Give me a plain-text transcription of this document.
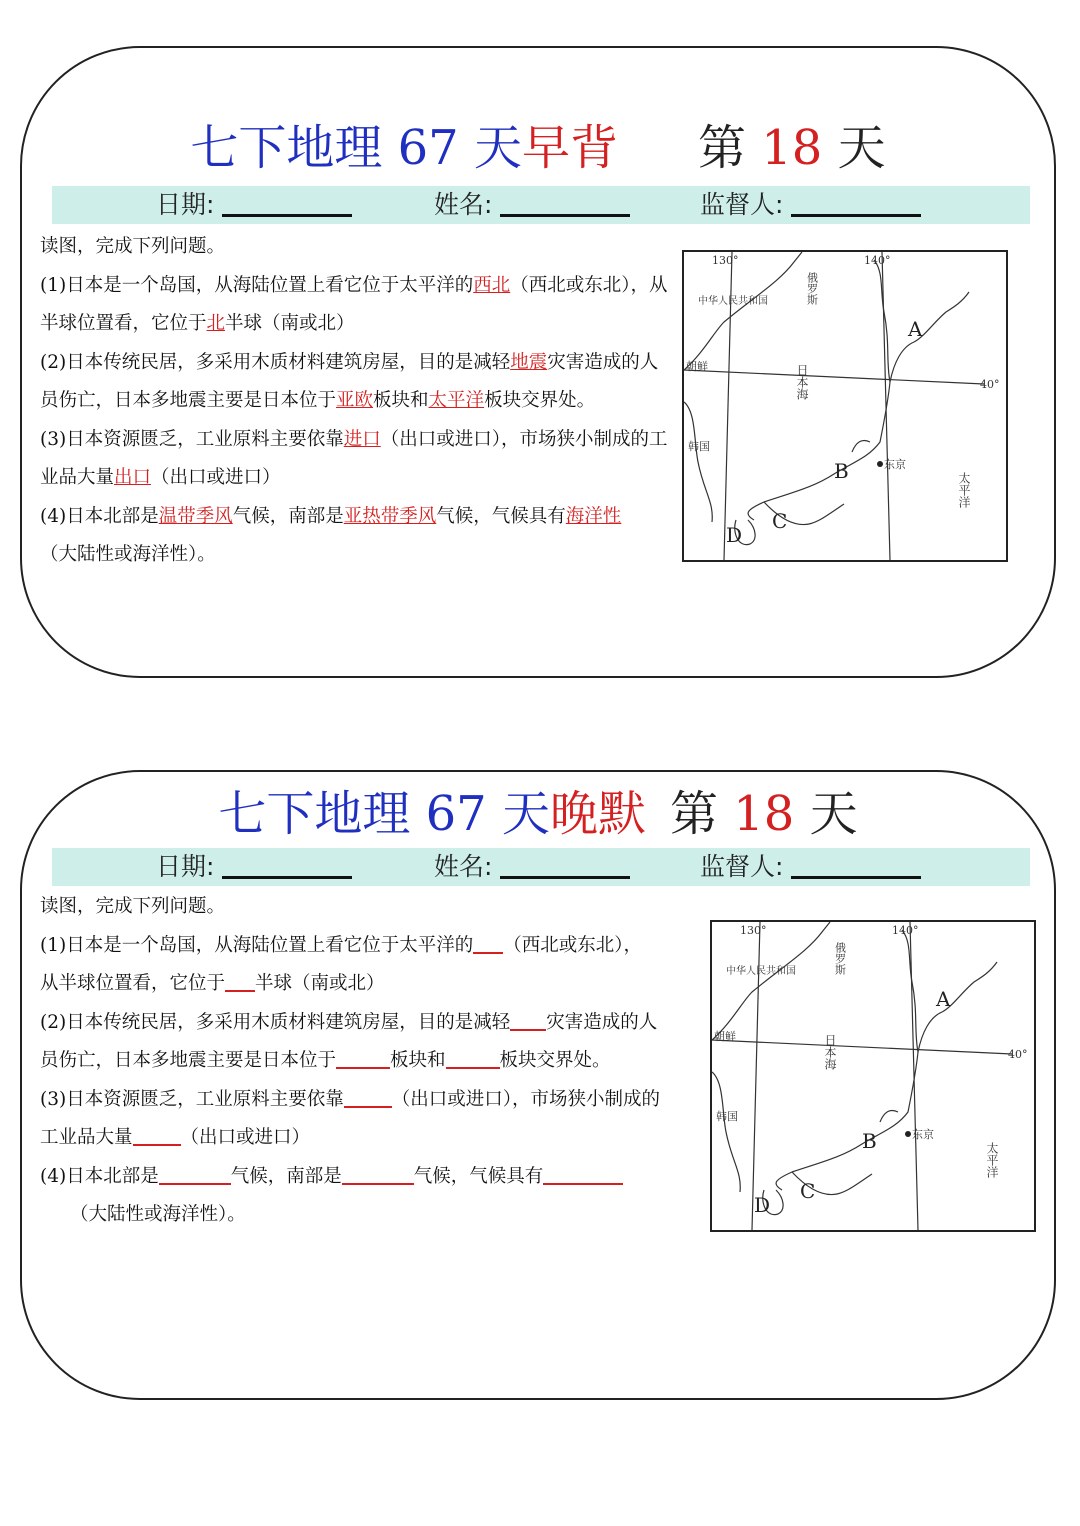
七下地理 67 天早背 第 18 天
日期:	姓名:	监督人:

读图，完成下列问题。

(1)日本是一个岛国，从海陆位置上看它位于太平洋的西北（西北或东北），从半球位置看，它位于北半球（南或北）

(2)日本传统民居，多采用木质材料建筑房屋，目的是减轻地震灾害造成的人员伤亡，日本多地震主要是日本位于亚欧板块和太平洋板块交界处。

(3)日本资源匮乏，工业原料主要依靠进口（出口或进口），市场狭小制成的工业品大量出口（出口或进口）

(4)日本北部是温带季风气候，南部是亚热带季风气候，气候具有海洋性
（大陆性或海洋性）。

130°	140°
40°
俄罗斯
中华人民共和国
朝鲜
韩国
日本海
东京
太平洋
A
B
C
D
七下地理 67 天晚默 第 18 天
日期:	姓名:	监督人:

读图，完成下列问题。

(1)日本是一个岛国，从海陆位置上看它位于太平洋的 （西北或东北），
从半球位置看，它位于 半球（南或北）

(2)日本传统民居，多采用木质材料建筑房屋，目的是减轻 灾害造成的人员伤亡，日本多地震主要是日本位于	板块和	板块交界处。

(3)日本资源匮乏，工业原料主要依靠	（出口或进口），市场狭小制成的工业品大量	（出口或进口）

(4)日本北部是	气候，南部是	气候，气候具有
（大陆性或海洋性）。

130°	140°
40°
俄罗斯
中华人民共和国
朝鲜
韩国
日本海
东京
太平洋
A
B
C
D
